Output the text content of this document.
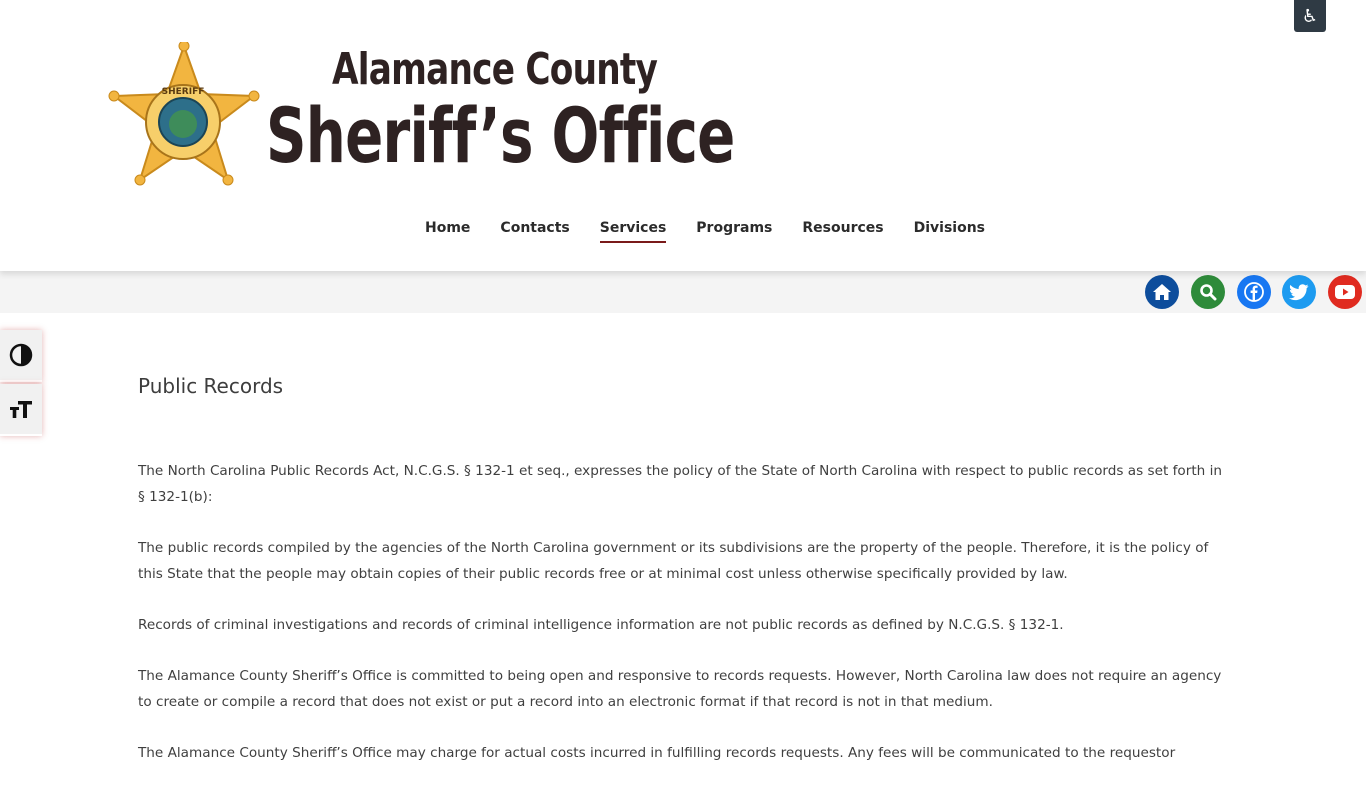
♿
SHERIFF	Alamance County
Sheriff’s Office
Home	Contacts	Services	Programs	Resources	Divisions
Public Records

The North Carolina Public Records Act, N.C.G.S. § 132-1 et seq., expresses the policy of the State of North Carolina with respect to public records as set forth in § 132-1(b):

The public records compiled by the agencies of the North Carolina government or its subdivisions are the property of the people. Therefore, it is the policy of this State that the people may obtain copies of their public records free or at minimal cost unless otherwise specifically provided by law.

Records of criminal investigations and records of criminal intelligence information are not public records as defined by N.C.G.S. § 132-1.

The Alamance County Sheriff’s Office is committed to being open and responsive to records requests. However, North Carolina law does not require an agency to create or compile a record that does not exist or put a record into an electronic format if that record is not in that medium.

The Alamance County Sheriff’s Office may charge for actual costs incurred in fulfilling records requests. Any fees will be communicated to the requestor
